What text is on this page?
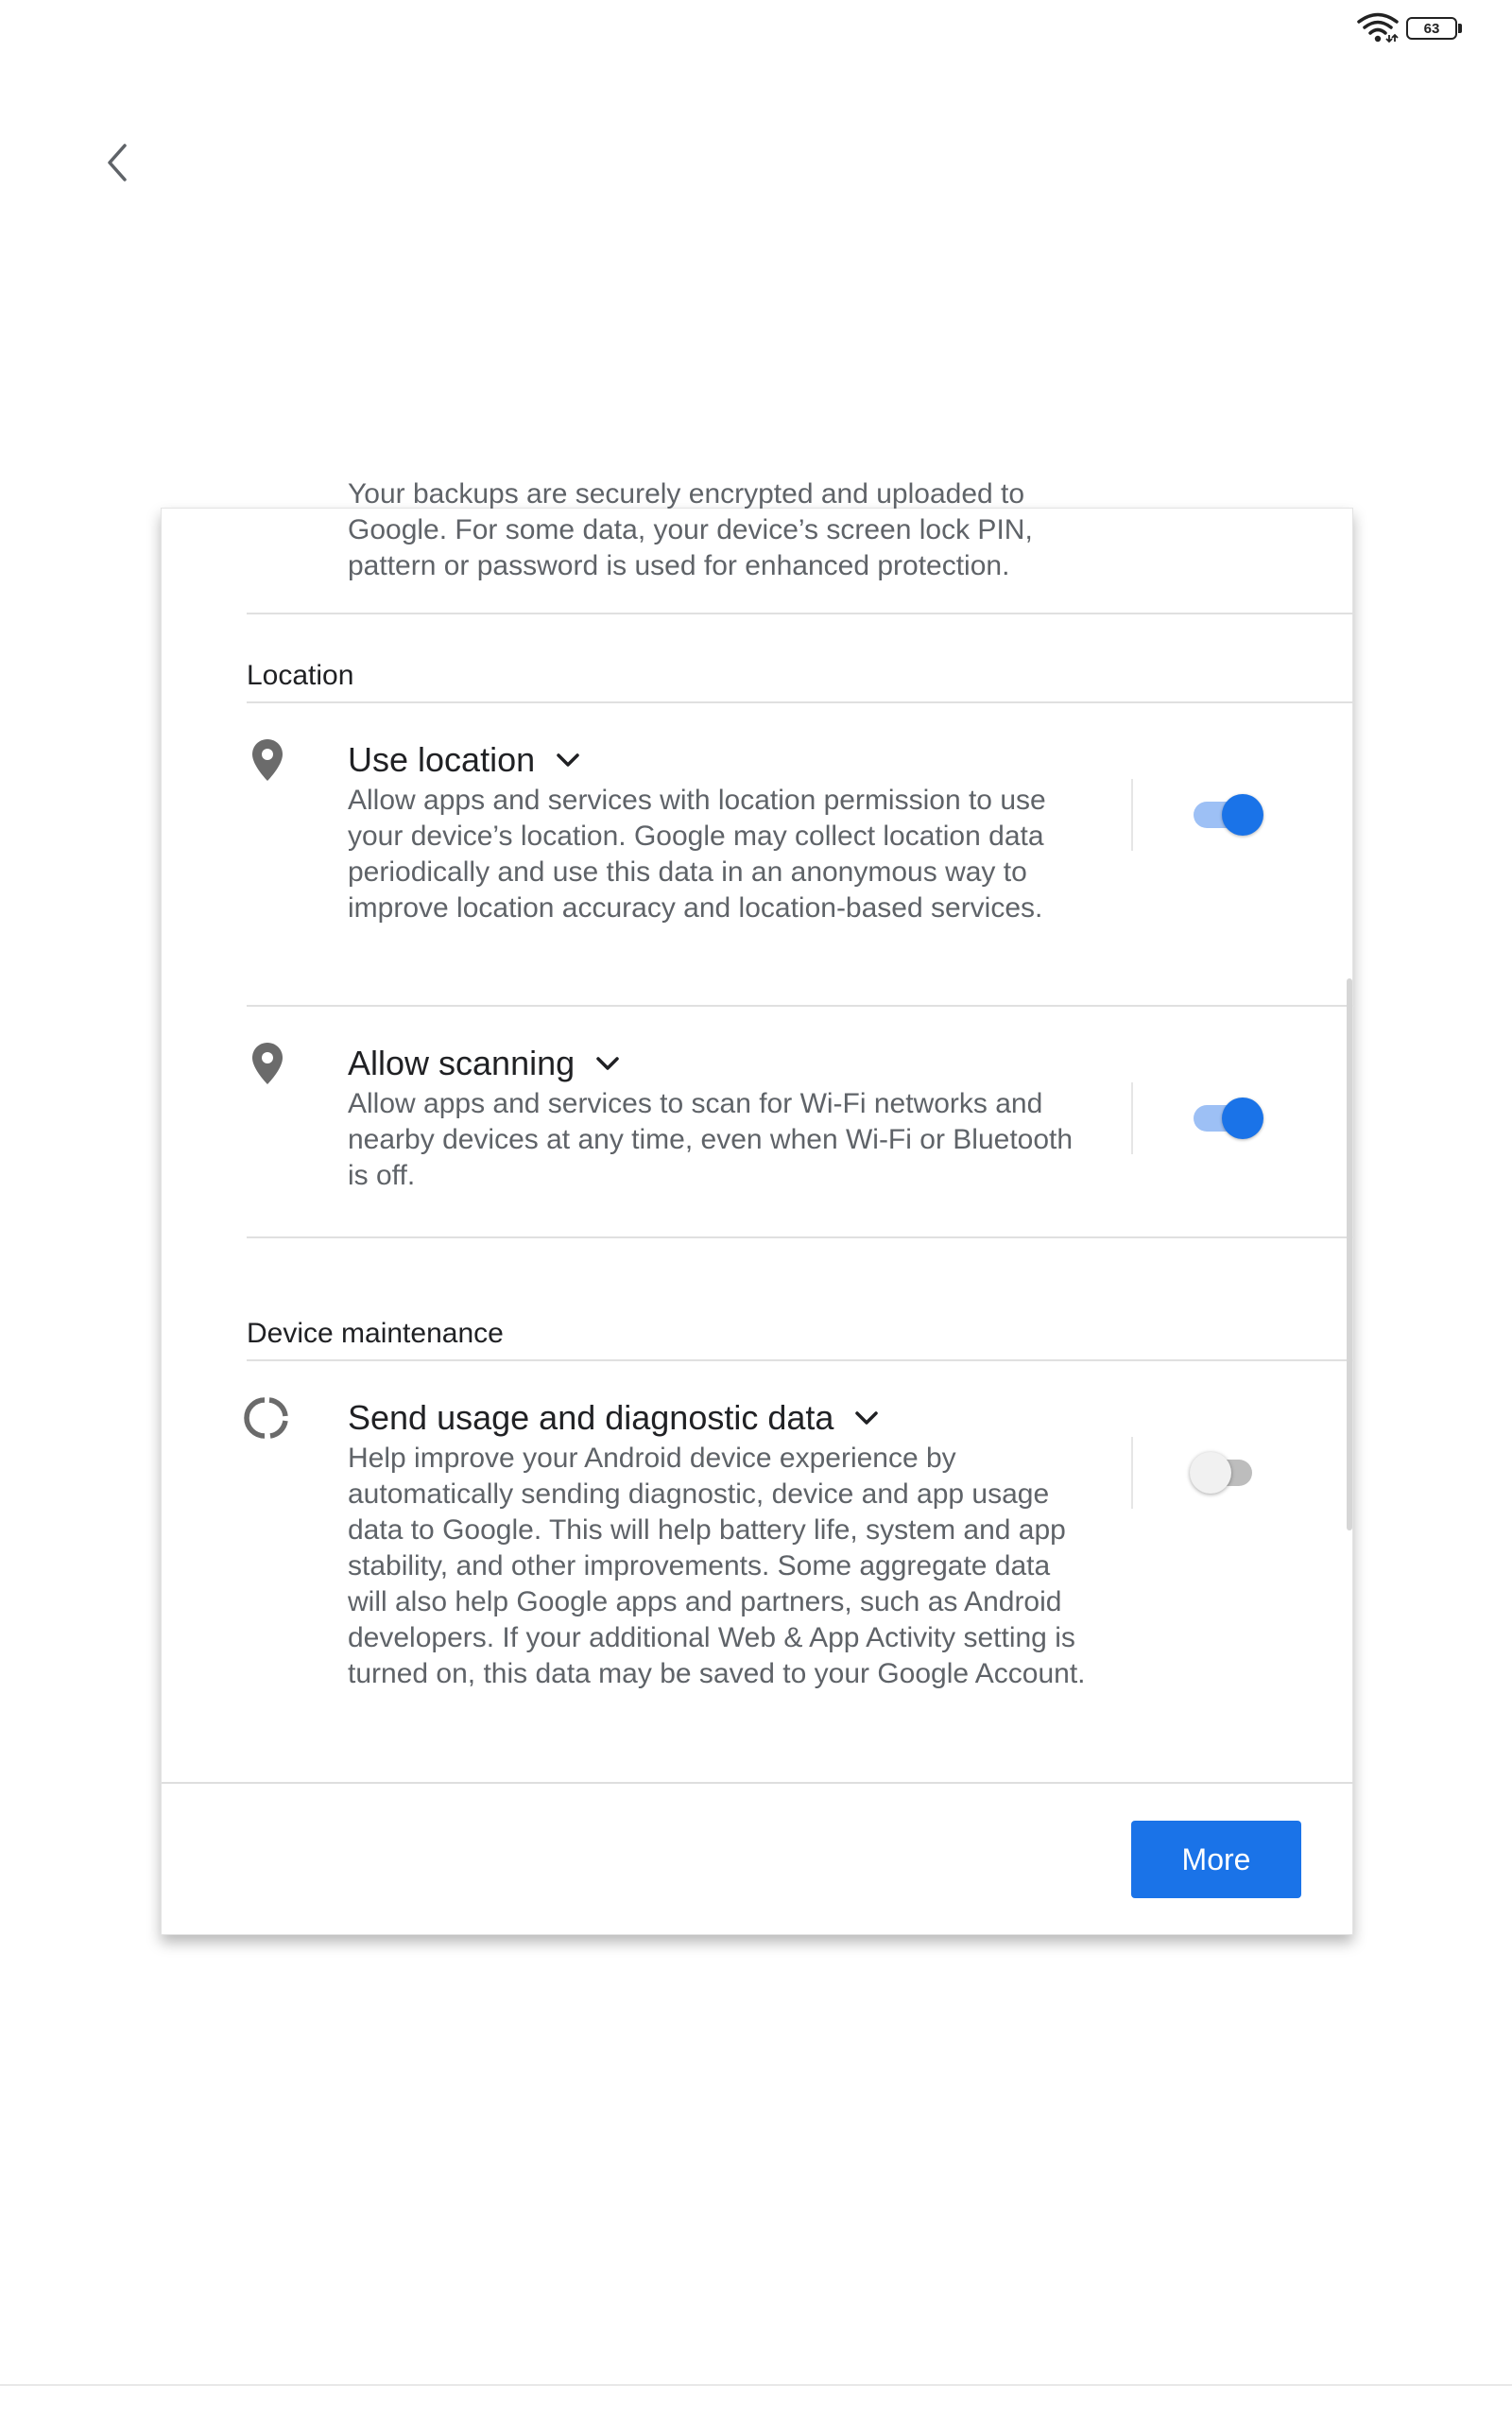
63

Your backups are securely encrypted and uploaded to Google. For some data, your device’s screen lock PIN, pattern or password is used for enhanced protection.

Location
Use location

Allow apps and services with location permission to use your device’s location. Google may collect location data periodically and use this data in an anonymous way to improve location accuracy and location-based services.

Allow scanning

Allow apps and services to scan for Wi-Fi networks and nearby devices at any time, even when Wi-Fi or Bluetooth is off.

Device maintenance
Send usage and diagnostic data

Help improve your Android device experience by automatically sending diagnostic, device and app usage data to Google. This will help battery life, system and app stability, and other improvements. Some aggregate data will also help Google apps and partners, such as Android developers. If your additional Web & App Activity setting is turned on, this data may be saved to your Google Account.

More
